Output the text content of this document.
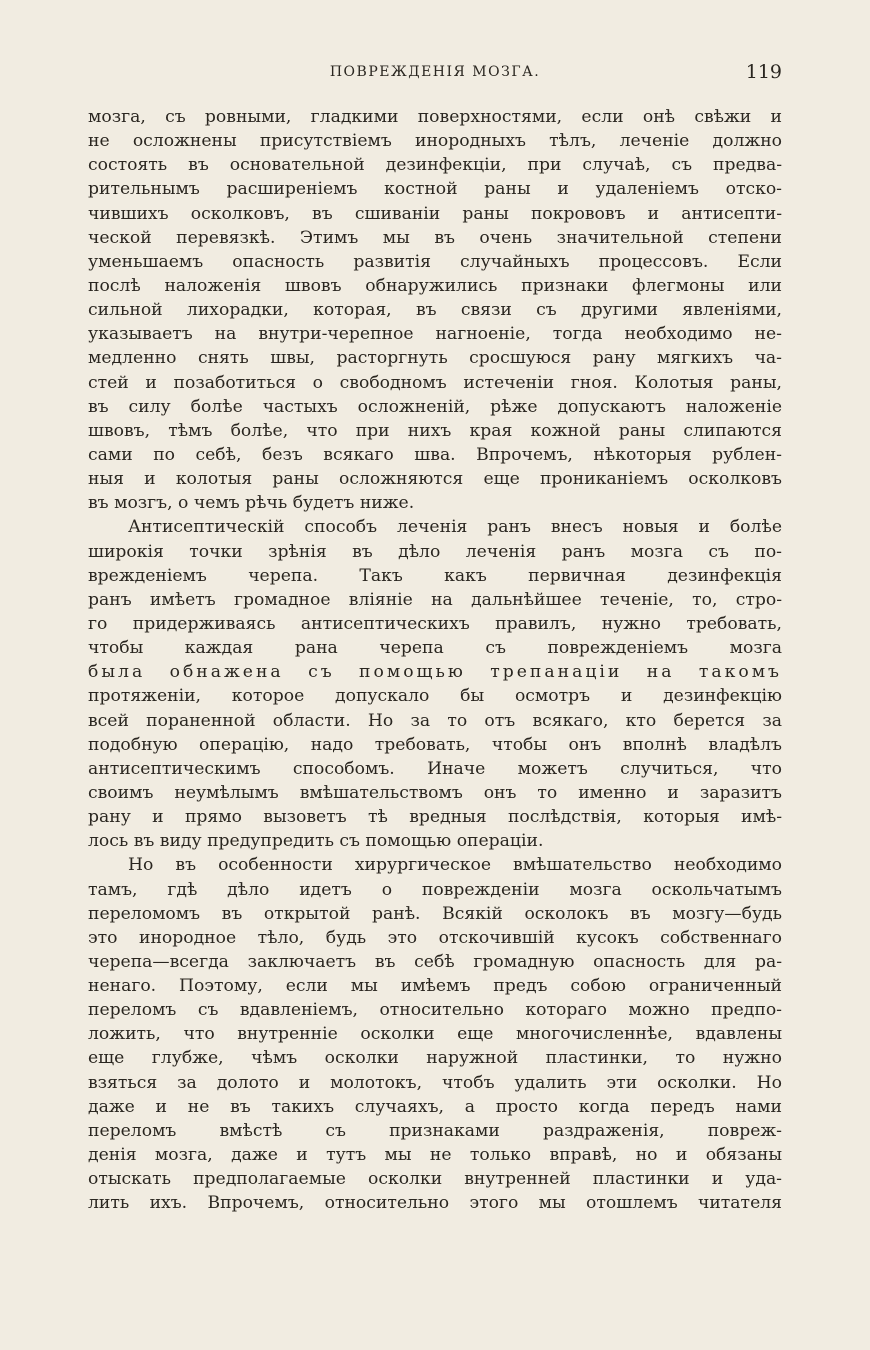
ПОВРЕЖДЕНІЯ МОЗГА.	119
мозга, съ ровными, гладкими поверхностями, если онѣ свѣжи и
не осложнены присутствіемъ инородныхъ тѣлъ, леченіе должно
состоять въ основательной дезинфекціи, при случаѣ, съ предва-
рительнымъ расширеніемъ костной раны и удаленіемъ отско-
чившихъ осколковъ, въ сшиваніи раны покрововъ и антисепти-
ческой перевязкѣ. Этимъ мы въ очень значительной степени
уменьшаемъ опасность развитія случайныхъ процессовъ. Если
послѣ наложенія швовъ обнаружились признаки флегмоны или
сильной лихорадки, которая, въ связи съ другими явленіями,
указываетъ на внутри-черепное нагноеніе, тогда необходимо не-
медленно снять швы, расторгнуть сросшуюся рану мягкихъ ча-
стей и позаботиться о свободномъ истеченіи гноя. Колотыя раны,
въ силу болѣе частыхъ осложненій, рѣже допускаютъ наложеніе
швовъ, тѣмъ болѣе, что при нихъ края кожной раны слипаются
сами по себѣ, безъ всякаго шва. Впрочемъ, нѣкоторыя рублен-
ныя и колотыя раны осложняются еще прониканіемъ осколковъ
въ мозгъ, о чемъ рѣчь будетъ ниже.
Антисептическій способъ леченія ранъ внесъ новыя и болѣе
широкія точки зрѣнія въ дѣло леченія ранъ мозга съ по-
врежденіемъ черепа. Такъ какъ первичная дезинфекція
ранъ имѣетъ громадное вліяніе на дальнѣйшее теченіе, то, стро-
го придерживаясь антисептическихъ правилъ, нужно требовать,
чтобы каждая рана черепа съ поврежденіемъ мозга
была обнажена съ помощью трепанаціи на такомъ
протяженіи, которое допускало бы осмотръ и дезинфекцію
всей пораненной области. Но за то отъ всякаго, кто берется за
подобную операцію, надо требовать, чтобы онъ вполнѣ владѣлъ
антисептическимъ способомъ. Иначе можетъ случиться, что
своимъ неумѣлымъ вмѣшательствомъ онъ то именно и заразитъ
рану и прямо вызоветъ тѣ вредныя послѣдствія, которыя имѣ-
лось въ виду предупредить съ помощью операціи.
Но въ особенности хирургическое вмѣшательство необходимо
тамъ, гдѣ дѣло идетъ о поврежденіи мозга оскольчатымъ
переломомъ въ открытой ранѣ. Всякій осколокъ въ мозгу—будь
это инородное тѣло, будь это отскочившій кусокъ собственнаго
черепа—всегда заключаетъ въ себѣ громадную опасность для ра-
ненаго. Поэтому, если мы имѣемъ предъ собою ограниченный
переломъ съ вдавленіемъ, относительно котораго можно предпо-
ложить, что внутренніе осколки еще многочисленнѣе, вдавлены
еще глубже, чѣмъ осколки наружной пластинки, то нужно
взяться за долото и молотокъ, чтобъ удалить эти осколки. Но
даже и не въ такихъ случаяхъ, а просто когда передъ нами
переломъ вмѣстѣ съ признаками раздраженія, повреж-
денія мозга, даже и тутъ мы не только вправѣ, но и обязаны
отыскать предполагаемые осколки внутренней пластинки и уда-
лить ихъ. Впрочемъ, относительно этого мы отошлемъ читателя
